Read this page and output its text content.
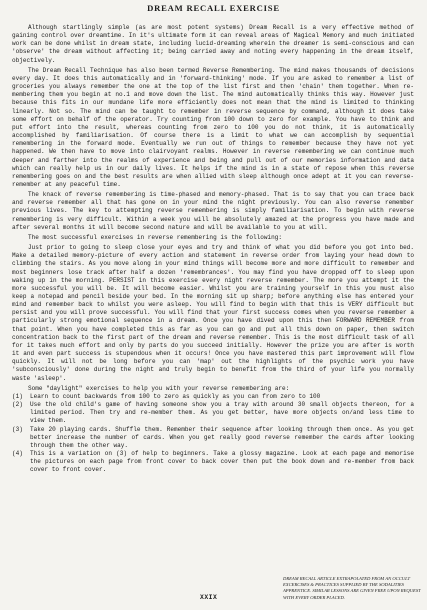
DREAM RECALL EXERCISE

Although startlingly simple (as are most potent systems) Dream Recall is a very effective method of gaining control over dreamtime. In it's ultimate form it can reveal areas of Magical Memory and much initiated work can be done whilst in dream state, including lucid-dreaming wherein the dreamer is semi-conscious and can 'observe' the dream without affecting it; being carried away and noting every happening in the dream itself, objectively.

The Dream Recall Technique has also been termed Reverse Remembering. The mind makes thousands of decisions every day. It does this automatically and in 'forward-thinking' mode. If you are asked to remember a list of groceries you always remember the one at the top of the list first and then 'chain' them together. When re-membering them you begin at no.1 and move down the list. The mind automatically thinks this way. However just because this fits in our mundane life more efficiently does not mean that the mind is limited to thinking linearly. Not so. The mind can be taught to remember in reverse sequence by command, although it does take some effort on behalf of the operator. Try counting from 100 down to zero for example. You have to think and put effort into the result, whereas counting from zero to 100 you do not think, it is automatically accomplished by familiarisation. Of course there is a limit to what we can accomplish by sequential remembering in the forward mode. Eventually we run out of things to remember because they have not yet happened. We then have to move into clairvoyant realms. However in reverse remembering we can continue much deeper and farther into the realms of experience and being and pull out of our memories information and data which can really help us in our daily lives. It helps if the mind is in a state of repose when this reverse remembering goes on and the best results are when allied with sleep although once adept at it you can reverse-remember at any peaceful time.

The knack of reverse remembering is time-phased and memory-phased. That is to say that you can trace back and reverse remember all that has gone on in your mind the night previously. You can also reverse remember previous lives. The key to attempting reverse remembering is simply familiarisation. To begin with reverse remembering is very difficult. Within a week you will be absolutely amazed at the progress you have made and after several months it will become second nature and will be available to you at will.

The most successful exercises in reverse remembering is the following:

Just prior to going to sleep close your eyes and try and think of what you did before you got into bed. Make a detailed memory-picture of every action and statement in reverse order from laying your head down to climbing the stairs. As you move along in your mind things will become more and more difficult to remember and most beginners lose track after half a dozen 'remembrances'. You may find you have dropped off to sleep upon waking up in the morning. PERSIST in this exercise every night reverse remember. The more you attempt it the more successful you will be. It will become easier. Whilst you are training yourself in this you must also keep a notepad and pencil beside your bed. In the morning sit up sharp; before anything else has entered your mind and remember back to whilst you were asleep. You will find to begin with that this is VERY difficult but persist and you will prove successful. You will find that your first success comes when you reverse remember a particularly strong emotional sequence in a dream. Once you have dived upon this then FORWARD REMEMBER from that point. When you have completed this as far as you can go and put all this down on paper, then switch concentration back to the first part of the dream and reverse remember. This is the most difficult task of all for it takes much effort and only by parts do you succeed initially. However the prize you are after is worth it and even part success is stupendous when it occurs! Once you have mastered this part improvement will flow quickly. It will not be long before you can 'map' out the highlights of the psychic work you have 'subconsciously' done during the night and truly begin to benefit from the third of your life you normally waste 'asleep'.

Some "daylight" exercises to help you with your reverse remembering are:

(1)	Learn to count backwards from 100 to zero as quickly as you can from zero to 100
(2)	Use the old child's game of having someone show you a tray with around 30 small objects thereon, for a limited period. Then try and re-member them. As you get better, have more objects on/and less time to view them.
(3)	Take 20 playing cards. Shuffle them. Remember their sequence after looking through them once. As you get better increase the number of cards. When you get really good reverse remember the cards after looking through them the other way.
(4)	This is a variation on (3) of help to beginners. Take a glossy magazine. Look at each page and memorise the pictures on each page from front cover to back cover then put the book down and re-member from back cover to front cover.
DREAM RECALL ARTICLE EXTRAPOLATED FROM AN OCCULT EXCERCISES & PRACTICES SUPPLIED BY THE SODALITIES APPRENTICE. SIMILAR LESSONS ARE GIVEN FREE UPON REQUEST WITH EVERY ORDER PLACED.
XXIX
